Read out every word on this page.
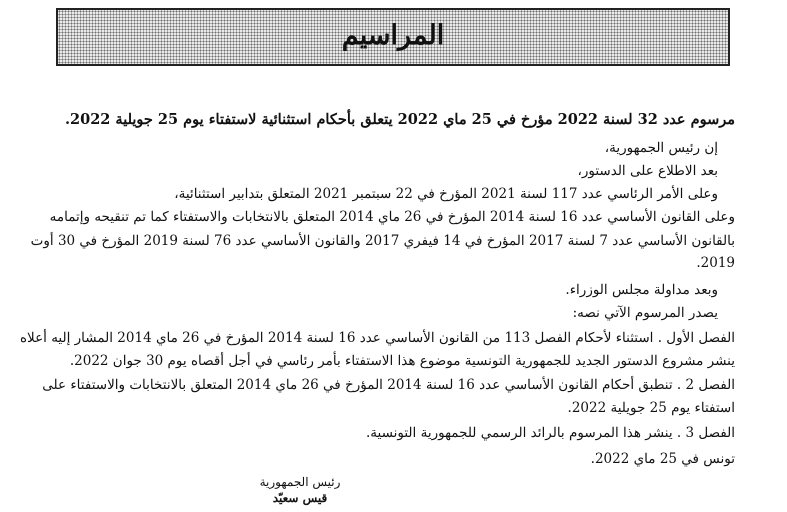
المراسيم
مرسوم عدد 32 لسنة 2022 مؤرخ في 25 ماي 2022 يتعلق بأحكام استثنائية لاستفتاء يوم 25 جويلية 2022.
إن رئيس الجمهورية،
بعد الاطلاع على الدستور،
وعلى الأمر الرئاسي عدد 117 لسنة 2021 المؤرخ في 22 سبتمبر 2021 المتعلق بتدابير استثنائية،
وعلى القانون الأساسي عدد 16 لسنة 2014 المؤرخ في 26 ماي 2014 المتعلق بالانتخابات والاستفتاء كما تم تنقيحه وإتمامه
بالقانون الأساسي عدد 7 لسنة 2017 المؤرخ في 14 فيفري 2017 والقانون الأساسي عدد 76 لسنة 2019 المؤرخ في 30 أوت
2019.
وبعد مداولة مجلس الوزراء.
يصدر المرسوم الآتي نصه:
الفصل الأول . استثناء لأحكام الفصل 113 من القانون الأساسي عدد 16 لسنة 2014 المؤرخ في 26 ماي 2014 المشار إليه أعلاه
ينشر مشروع الدستور الجديد للجمهورية التونسية موضوع هذا الاستفتاء بأمر رئاسي في أجل أقصاه يوم 30 جوان 2022.
الفصل 2 . تنطبق أحكام القانون الأساسي عدد 16 لسنة 2014 المؤرخ في 26 ماي 2014 المتعلق بالانتخابات والاستفتاء على
استفتاء يوم 25 جويلية 2022.
الفصل 3 . ينشر هذا المرسوم بالرائد الرسمي للجمهورية التونسية.
تونس في 25 ماي 2022.
رئيس الجمهورية
قيس سعيّد
